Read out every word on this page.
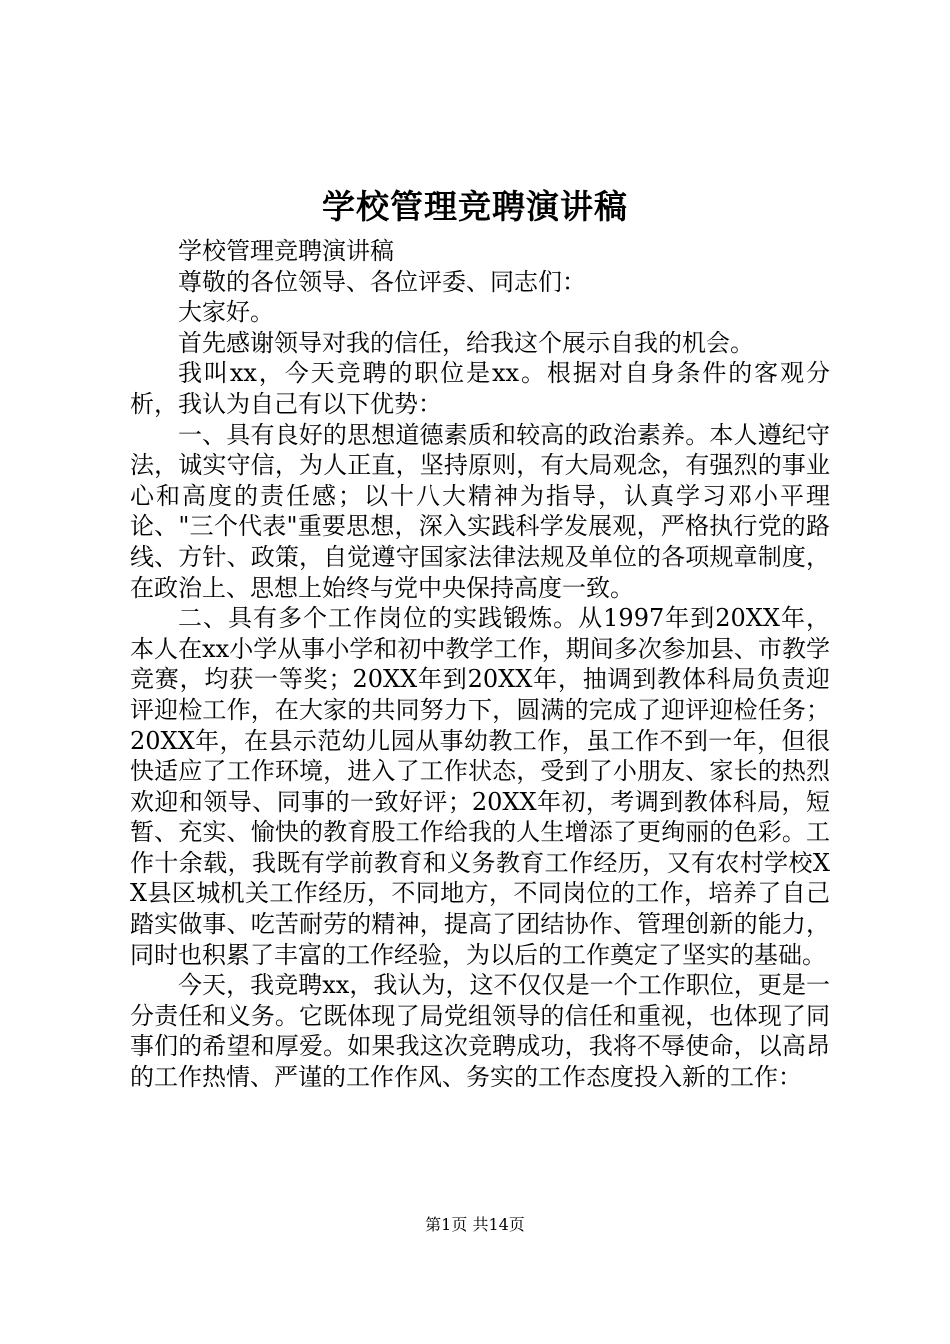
学校管理竞聘演讲稿

学校管理竞聘演讲稿

尊敬的各位领导、各位评委、同志们：

大家好。

首先感谢领导对我的信任，给我这个展示自我的机会。

我叫xx，今天竞聘的职位是xx。根据对自身条件的客观分析，我认为自己有以下优势：

一、具有良好的思想道德素质和较高的政治素养。本人遵纪守法，诚实守信，为人正直，坚持原则，有大局观念，有强烈的事业心和高度的责任感；以十八大精神为指导，认真学习邓小平理论、"三个代表"重要思想，深入实践科学发展观，严格执行党的路线、方针、政策，自觉遵守国家法律法规及单位的各项规章制度，在政治上、思想上始终与党中央保持高度一致。

二、具有多个工作岗位的实践锻炼。从1997年到20XX年，本人在xx小学从事小学和初中教学工作，期间多次参加县、市教学竞赛，均获一等奖；20XX年到20XX年，抽调到教体科局负责迎评迎检工作，在大家的共同努力下，圆满的完成了迎评迎检任务；20XX年，在县示范幼儿园从事幼教工作，虽工作不到一年，但很快适应了工作环境，进入了工作状态，受到了小朋友、家长的热烈欢迎和领导、同事的一致好评；20XX年初，考调到教体科局，短暂、充实、愉快的教育股工作给我的人生增添了更绚丽的色彩。工作十余载，我既有学前教育和义务教育工作经历，又有农村学校XX县区城机关工作经历，不同地方，不同岗位的工作，培养了自己踏实做事、吃苦耐劳的精神，提高了团结协作、管理创新的能力，同时也积累了丰富的工作经验，为以后的工作奠定了坚实的基础。

今天，我竞聘xx，我认为，这不仅仅是一个工作职位，更是一分责任和义务。它既体现了局党组领导的信任和重视，也体现了同事们的希望和厚爱。如果我这次竞聘成功，我将不辱使命，以高昂的工作热情、严谨的工作作风、务实的工作态度投入新的工作：

第1页 共14页
